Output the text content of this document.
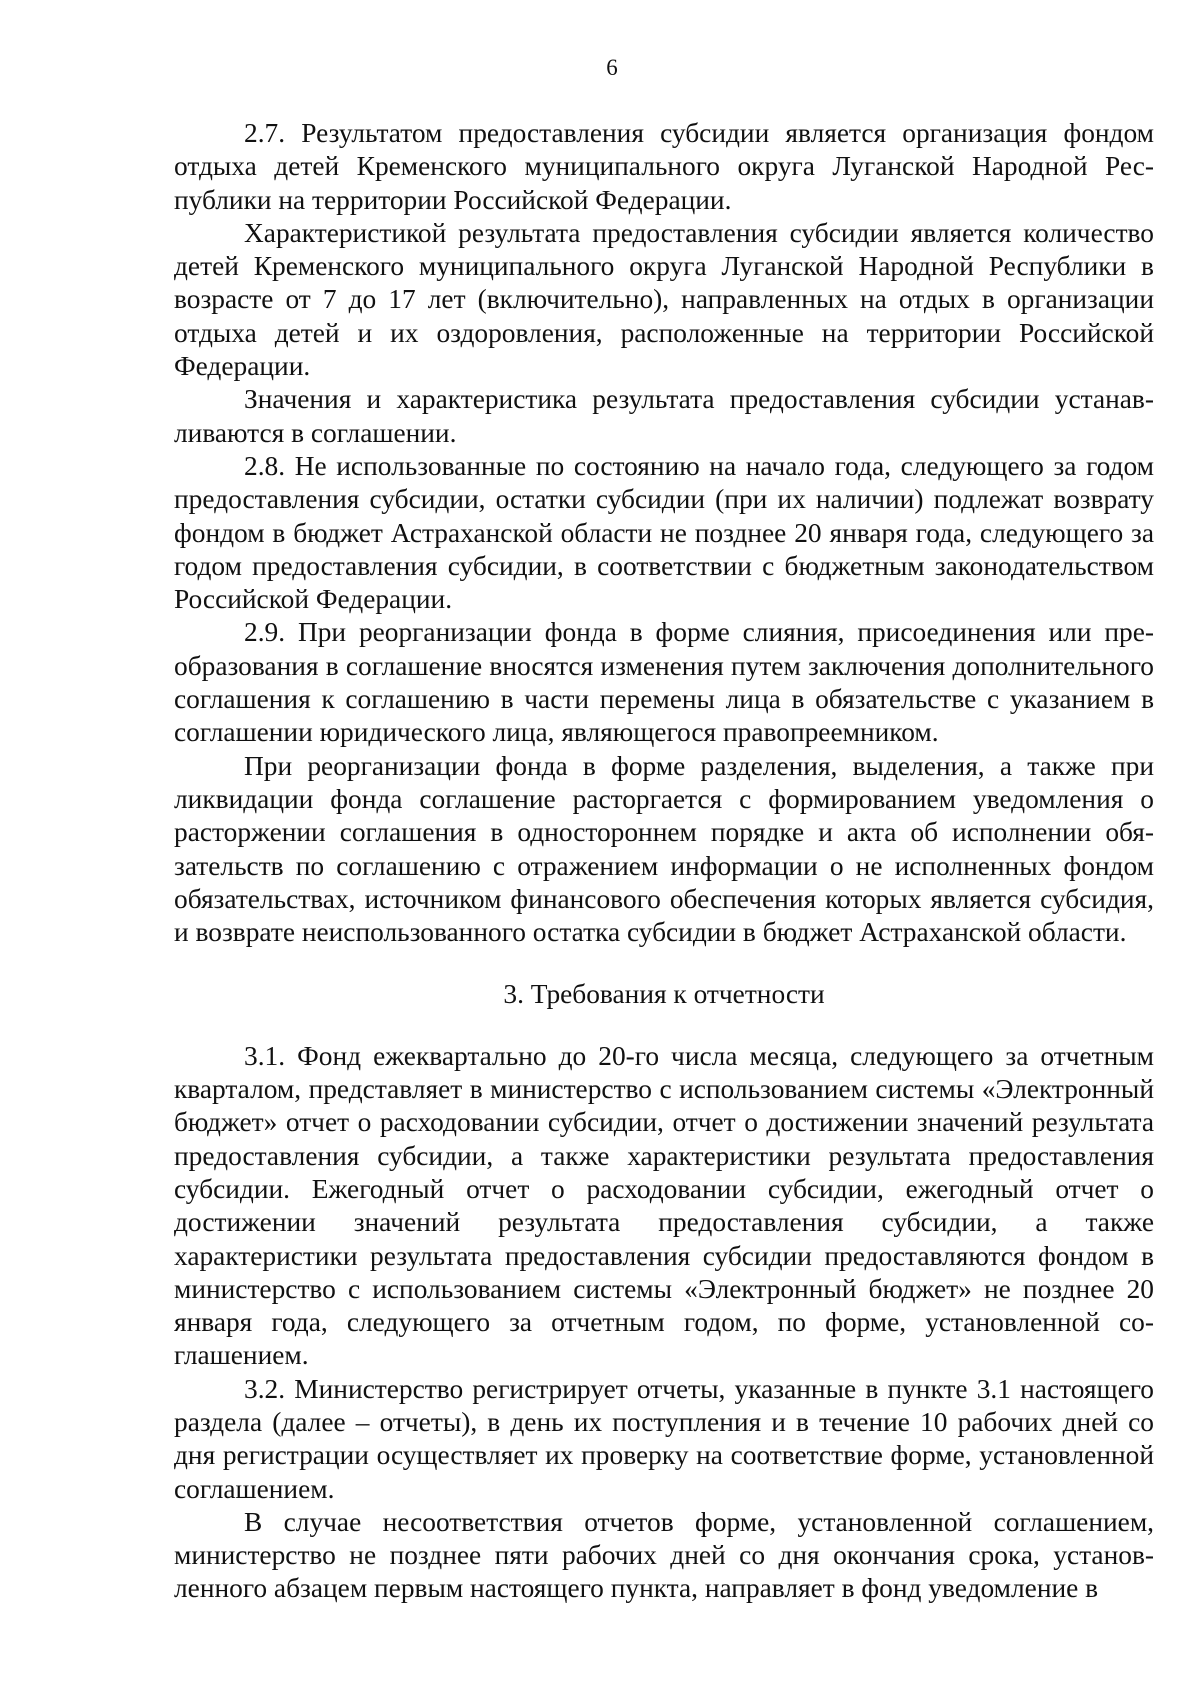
6

2.7. Результатом предоставления субсидии является организация фондом отдыха детей Кременского муниципального округа Луганской Народной Республики на территории Российской Федерации.

Характеристикой результата предоставления субсидии является количество детей Кременского муниципального округа Луганской Народной Республики в возрасте от 7 до 17 лет (включительно), направленных на отдых в организации отдыха детей и их оздоровления, расположенные на территории Российской Федерации.

Значения и характеристика результата предоставления субсидии устанавливаются в соглашении.

2.8. Не использованные по состоянию на начало года, следующего за годом предоставления субсидии, остатки субсидии (при их наличии) подлежат возврату фондом в бюджет Астраханской области не позднее 20 января года, следующего за годом предоставления субсидии, в соответствии с бюджетным законодательством Российской Федерации.

2.9. При реорганизации фонда в форме слияния, присоединения или преобразования в соглашение вносятся изменения путем заключения дополнительного соглашения к соглашению в части перемены лица в обязательстве с указанием в соглашении юридического лица, являющегося правопреемником.

При реорганизации фонда в форме разделения, выделения, а также при ликвидации фонда соглашение расторгается с формированием уведомления о расторжении соглашения в одностороннем порядке и акта об исполнении обязательств по соглашению с отражением информации о не исполненных фондом обязательствах, источником финансового обеспечения которых является субсидия, и возврате неиспользованного остатка субсидии в бюджет Астраханской области.

3. Требования к отчетности

3.1. Фонд ежеквартально до 20-го числа месяца, следующего за отчетным кварталом, представляет в министерство с использованием системы «Электронный бюджет» отчет о расходовании субсидии, отчет о достижении значений результата предоставления субсидии, а также характеристики результата предоставления субсидии. Ежегодный отчет о расходовании субсидии, ежегодный отчет о достижении значений результата предоставления субсидии, а также характеристики результата предоставления субсидии предоставляются фондом в министерство с использованием системы «Электронный бюджет» не позднее 20 января года, следующего за отчетным годом, по форме, установленной соглашением.

3.2. Министерство регистрирует отчеты, указанные в пункте 3.1 настоящего раздела (далее – отчеты), в день их поступления и в течение 10 рабочих дней со дня регистрации осуществляет их проверку на соответствие форме, установленной соглашением.

В случае несоответствия отчетов форме, установленной соглашением, министерство не позднее пяти рабочих дней со дня окончания срока, установленного абзацем первым настоящего пункта, направляет в фонд уведомление в
